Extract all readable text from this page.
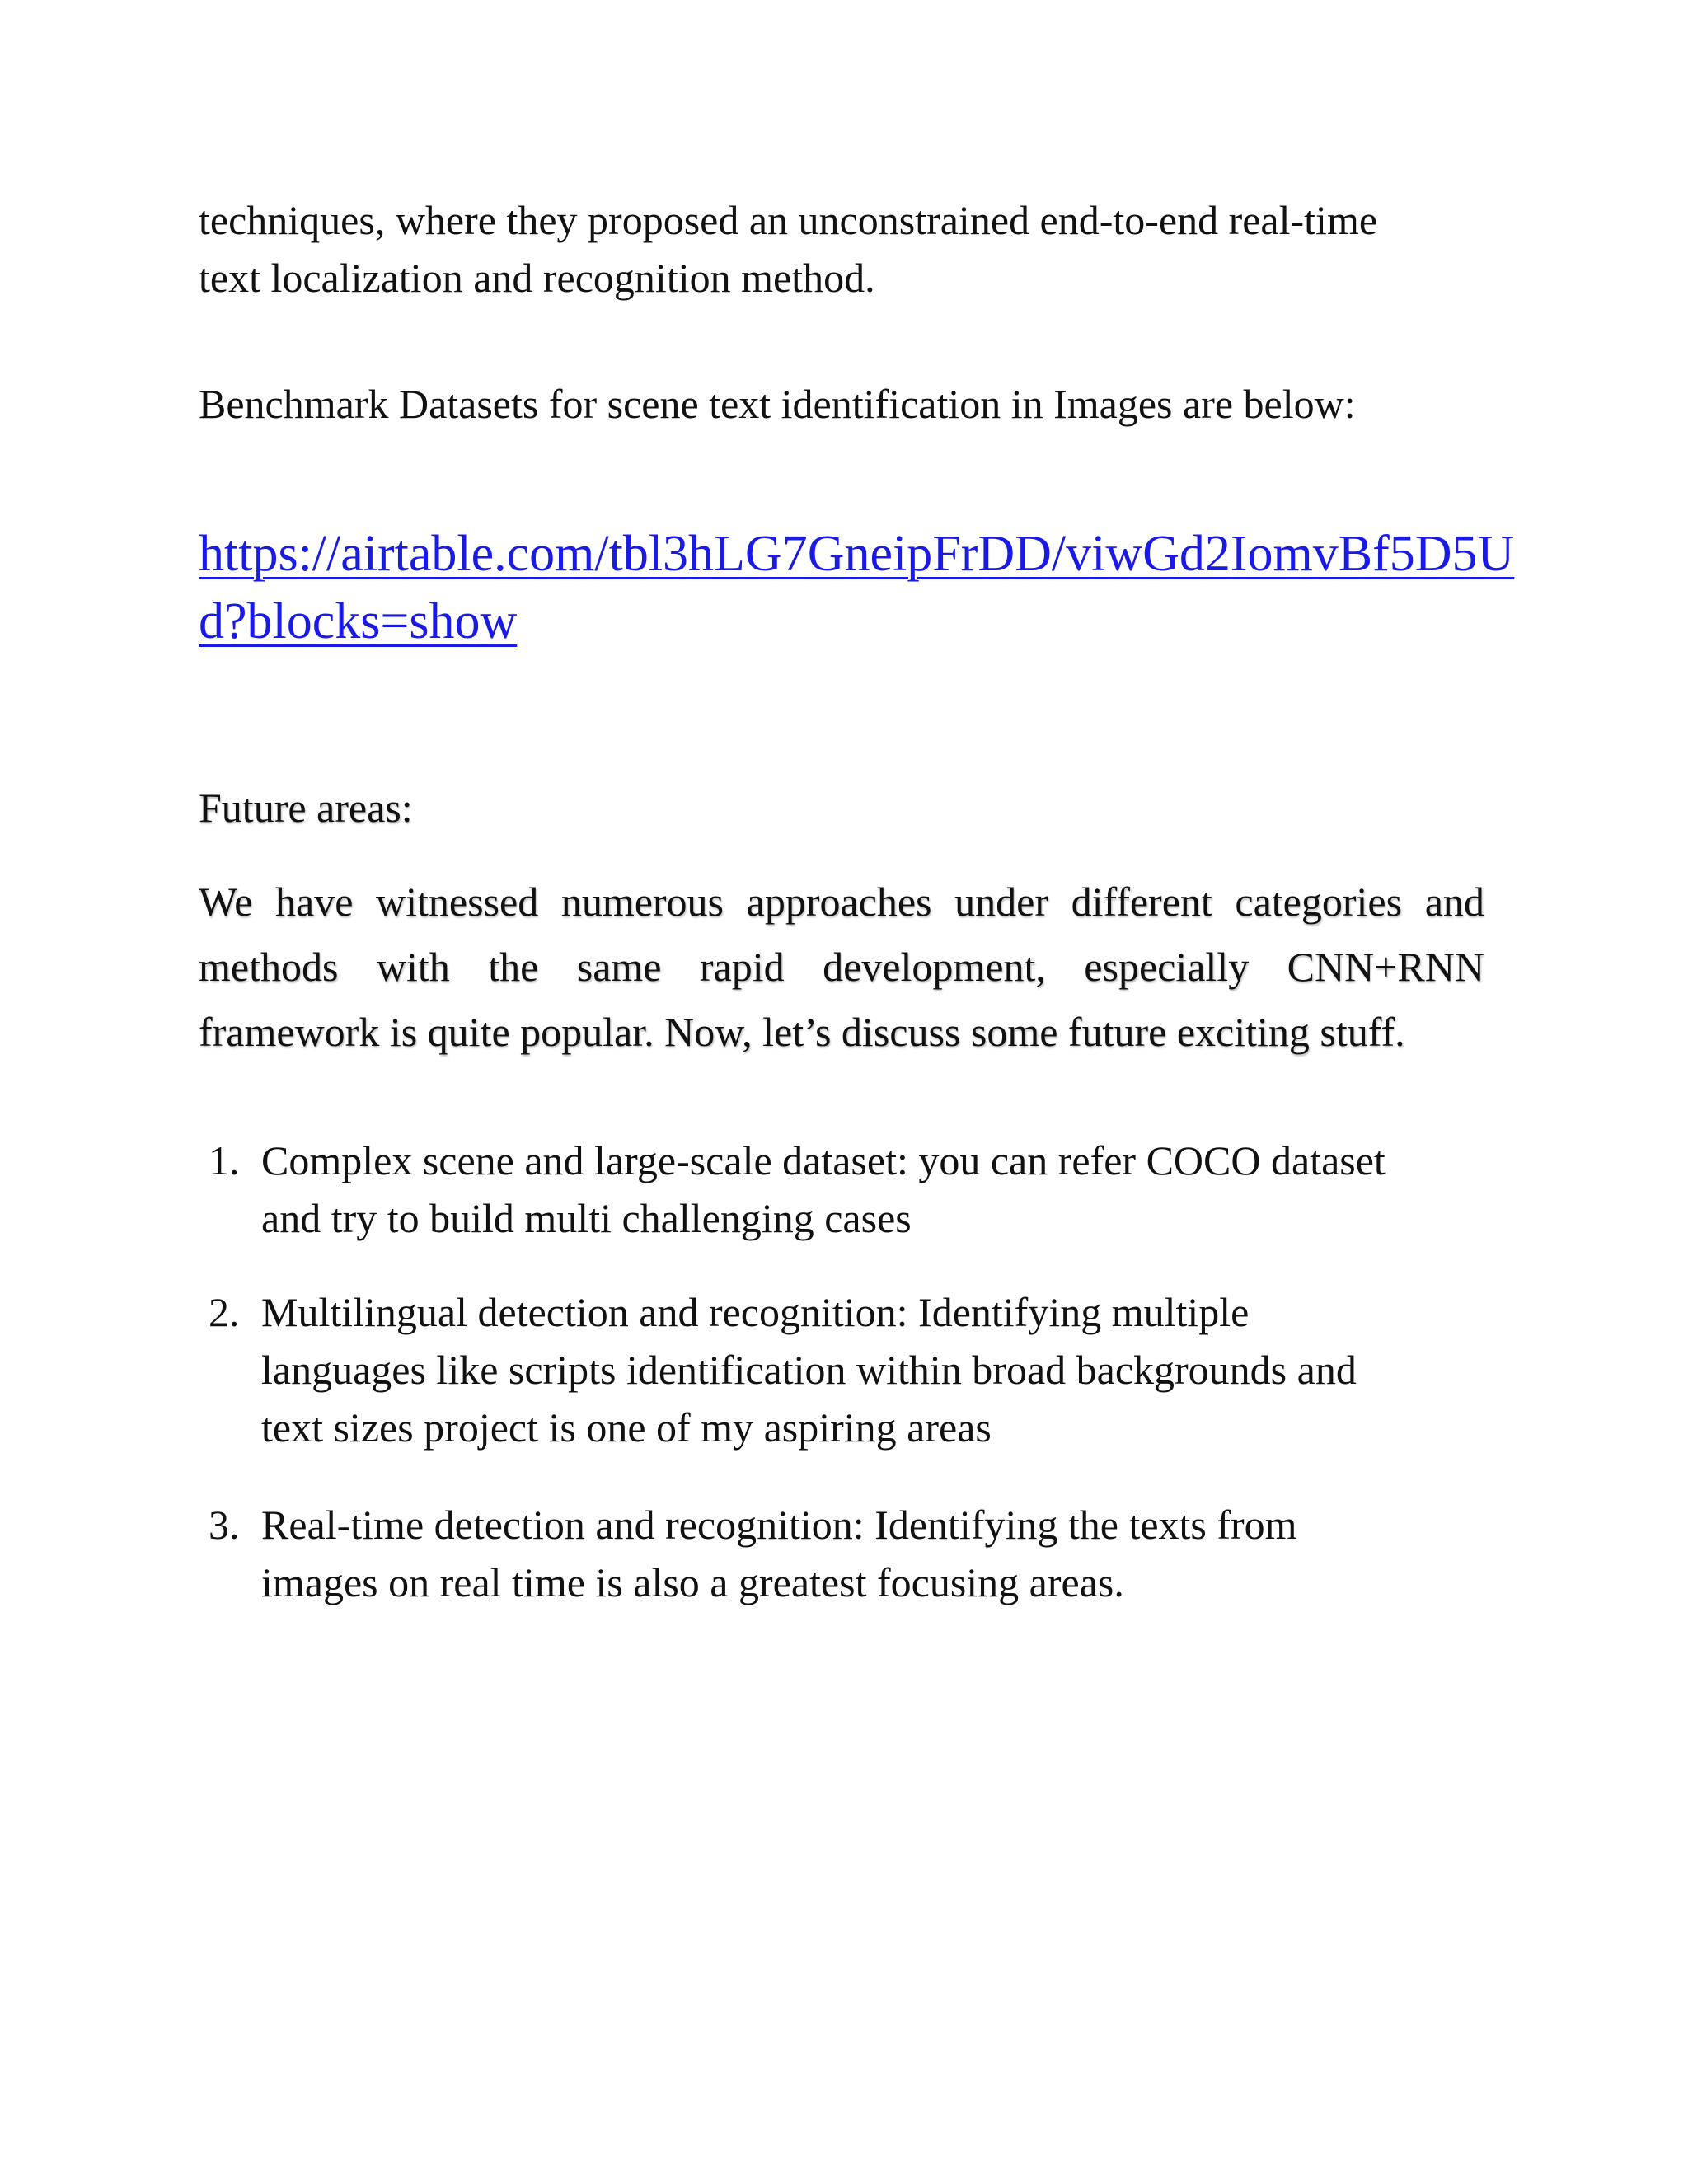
techniques, where they proposed an unconstrained end-to-end real-time
text localization and recognition method.
Benchmark Datasets for scene text identification in Images are below:
https://airtable.com/tbl3hLG7GneipFrDD/viwGd2IomvBf5D5U
d?blocks=show
Future areas:
We have witnessed numerous approaches under different categories and
methods with the same rapid development, especially CNN+RNN
framework is quite popular. Now, let’s discuss some future exciting stuff.
1. Complex scene and large-scale dataset: you can refer COCO dataset
and try to build multi challenging cases
2. Multilingual detection and recognition: Identifying multiple
languages like scripts identification within broad backgrounds and
text sizes project is one of my aspiring areas
3. Real-time detection and recognition: Identifying the texts from
images on real time is also a greatest focusing areas.
